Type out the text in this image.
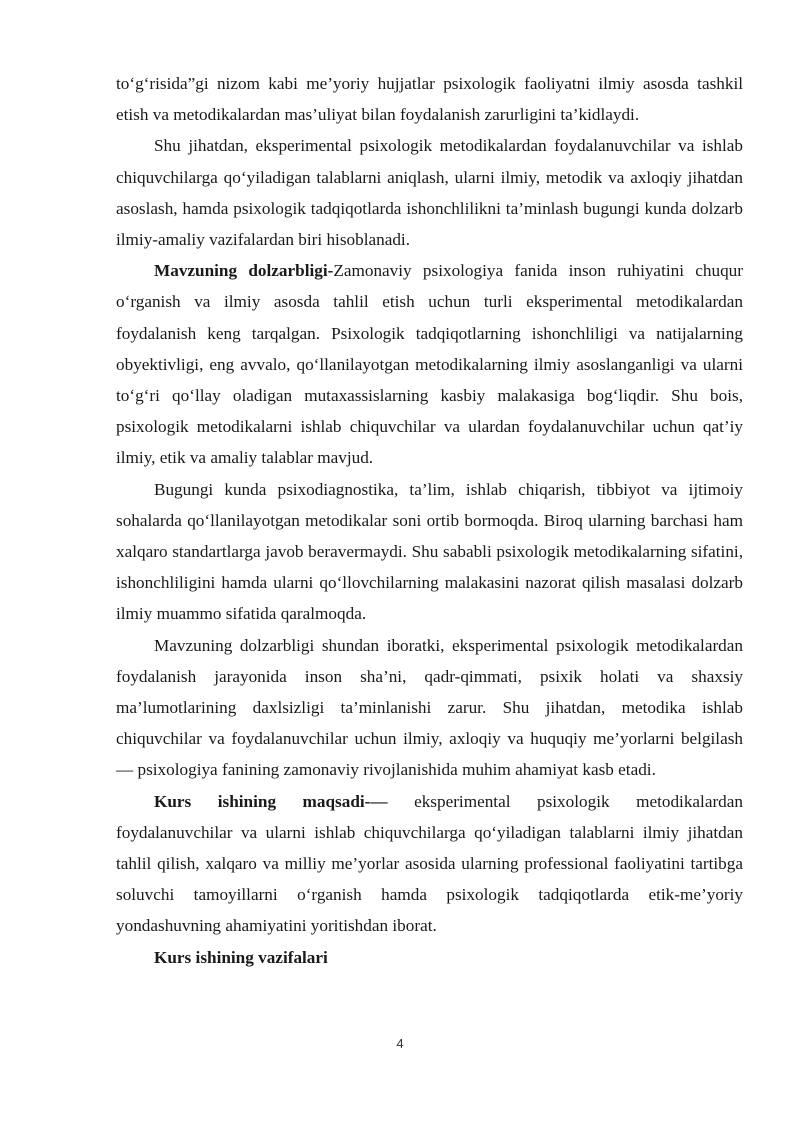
to‘g‘risida”gi nizom kabi me’yoriy hujjatlar psixologik faoliyatni ilmiy asosda tashkil etish va metodikalardan mas’uliyat bilan foydalanish zarurligini ta’kidlaydi.

Shu jihatdan, eksperimental psixologik metodikalardan foydalanuvchilar va ishlab chiquvchilarga qo‘yiladigan talablarni aniqlash, ularni ilmiy, metodik va axloqiy jihatdan asoslash, hamda psixologik tadqiqotlarda ishonchlilikni ta’minlash bugungi kunda dolzarb ilmiy-amaliy vazifalardan biri hisoblanadi.

Mavzuning dolzarbligi-Zamonaviy psixologiya fanida inson ruhiyatini chuqur o‘rganish va ilmiy asosda tahlil etish uchun turli eksperimental metodikalardan foydalanish keng tarqalgan. Psixologik tadqiqotlarning ishonchliligi va natijalarning obyektivligi, eng avvalo, qo‘llanilayotgan metodikalarning ilmiy asoslanganligi va ularni to‘g‘ri qo‘llay oladigan mutaxassislarning kasbiy malakasiga bog‘liqdir. Shu bois, psixologik metodikalarni ishlab chiquvchilar va ulardan foydalanuvchilar uchun qat’iy ilmiy, etik va amaliy talablar mavjud.

Bugungi kunda psixodiagnostika, ta’lim, ishlab chiqarish, tibbiyot va ijtimoiy sohalarda qo‘llanilayotgan metodikalar soni ortib bormoqda. Biroq ularning barchasi ham xalqaro standartlarga javob beravermaydi. Shu sababli psixologik metodikalarning sifatini, ishonchliligini hamda ularni qo‘llovchilarning malakasini nazorat qilish masalasi dolzarb ilmiy muammo sifatida qaralmoqda.

Mavzuning dolzarbligi shundan iboratki, eksperimental psixologik metodikalardan foydalanish jarayonida inson sha’ni, qadr-qimmati, psixik holati va shaxsiy ma’lumotlarining daxlsizligi ta’minlanishi zarur. Shu jihatdan, metodika ishlab chiquvchilar va foydalanuvchilar uchun ilmiy, axloqiy va huquqiy me’yorlarni belgilash — psixologiya fanining zamonaviy rivojlanishida muhim ahamiyat kasb etadi.

Kurs ishining maqsadi-— eksperimental psixologik metodikalardan foydalanuvchilar va ularni ishlab chiquvchilarga qo‘yiladigan talablarni ilmiy jihatdan tahlil qilish, xalqaro va milliy me’yorlar asosida ularning professional faoliyatini tartibga soluvchi tamoyillarni o‘rganish hamda psixologik tadqiqotlarda etik-me’yoriy yondashuvning ahamiyatini yoritishdan iborat.

Kurs ishining vazifalari

4
